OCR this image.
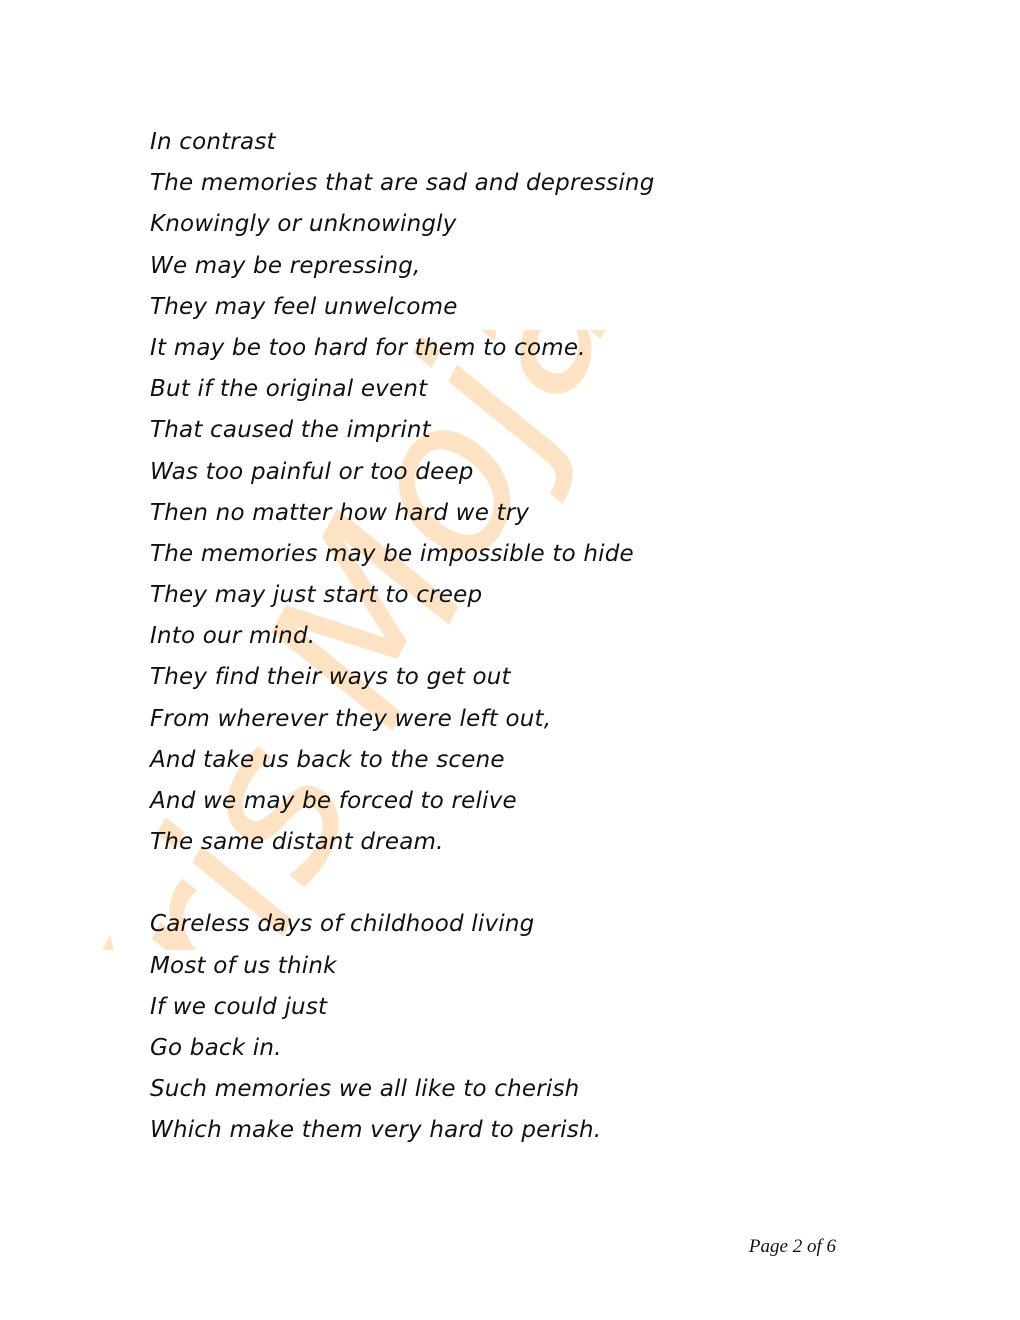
Kris Mojag
In contrast
The memories that are sad and depressing
Knowingly or unknowingly
We may be repressing,
They may feel unwelcome
It may be too hard for them to come.
But if the original event
That caused the imprint
Was too painful or too deep
Then no matter how hard we try
The memories may be impossible to hide
They may just start to creep
Into our mind.
They find their ways to get out
From wherever they were left out,
And take us back to the scene
And we may be forced to relive
The same distant dream.
Careless days of childhood living
Most of us think
If we could just
Go back in.
Such memories we all like to cherish
Which make them very hard to perish.
Page 2 of 6
